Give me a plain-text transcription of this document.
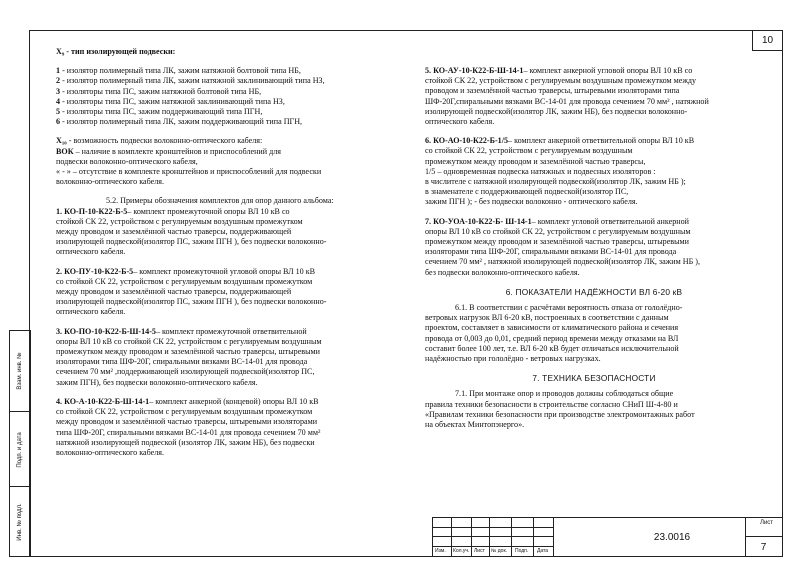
10

Х₉ - тип изолирующей подвески:

1 - изолятор полимерный типа ЛК, зажим натяжной болтовой типа НБ,

2 - изолятор полимерный типа ЛК, зажим натяжной заклинивающий типа НЗ,

3 - изоляторы типа ПС, зажим натяжной болтовой типа НБ,

4 - изоляторы типа ПС, зажим натяжной заклинивающий типа НЗ,

5 - изоляторы типа ПС, зажим поддерживающий типа ПГН,

6 - изолятор полимерный типа ЛК, зажим поддерживающий типа ПГН,

Х₁₀ - возможность подвески волоконно-оптического кабеля:

ВОК – наличие в комплекте кронштейнов и приспособлений для

подвески волоконно-оптического кабеля,

« - » – отсутствие в комплекте кронштейнов и приспособлений для подвески

волоконно-оптического кабеля.

5.2. Примеры обозначения комплектов для опор данного альбома:

1. КО-П-10-К22-Б-5– комплект промежуточной опоры ВЛ 10 кВ со

стойкой СК 22, устройством с регулируемым воздушным промежутком

между проводом и заземлённой частью траверсы, поддерживающей

изолирующей подвеской(изолятор ПС, зажим ПГН ), без подвески волоконно-

оптического кабеля.

2. КО-ПУ-10-К22-Б-5– комплект промежуточной угловой опоры ВЛ 10 кВ

со стойкой СК 22, устройством с регулируемым воздушным промежутком

между проводом и заземлённой частью траверсы, поддерживающей

изолирующей подвеской(изолятор ПС, зажим ПГН ), без подвески волоконно-

оптического кабеля.

3. КО-ПО-10-К22-Б-Ш-14-5– комплект промежуточной ответвительной

опоры ВЛ 10 кВ со стойкой СК 22, устройством с регулируемым воздушным

промежутком между проводом и заземлённой частью траверсы, штыревыми

изоляторами типа ШФ-20Г, спиральными вязками ВС-14-01 для провода

сечением 70 мм² ,поддерживающей изолирующей подвеской(изолятор ПС,

зажим ПГН), без подвески волоконно-оптического кабеля.

4. КО-А-10-К22-Б-Ш-14-1– комплект анкерной (концевой) опоры ВЛ 10 кВ

со стойкой СК 22, устройством с регулируемым воздушным промежутком

между проводом и заземлённой частью траверсы, штыревыми изоляторами

типа ШФ-20Г, спиральными вязками ВС-14-01 для провода сечением 70 мм²

натяжной изолирующей подвеской (изолятор ЛК, зажим НБ), без подвески

волоконно-оптического кабеля.

5. КО-АУ-10-К22-Б-Ш-14-1– комплект анкерной угловой опоры ВЛ 10 кВ со

стойкой СК 22, устройством с регулируемым воздушным промежутком между

проводом и заземлённой частью траверсы, штыревыми изоляторами типа

ШФ-20Г,спиральными вязками ВС-14-01 для провода сечением 70 мм² , натяжной

изолирующей подвеской(изолятор ЛК, зажим НБ), без подвески волоконно-

оптического кабеля.

6. КО-АО-10-К22-Б-1/5– комплект анкерной ответвительной опоры ВЛ 10 кВ

со стойкой СК 22, устройством с регулируемым воздушным

промежутком между проводом и заземлённой частью траверсы,

1/5 – одновременная подвеска натяжных и подвесных изоляторов :

в числителе с натяжной изолирующей подвеской(изолятор ЛК, зажим НБ );

в знаменателе с поддерживающей подвеской(изолятор ПС,

зажим ПГН ); - без подвески волоконно - оптического кабеля.

7. КО-УОА-10-К22-Б- Ш-14-1– комплект угловой ответвительной анкерной

опоры ВЛ 10 кВ со стойкой СК 22, устройством с регулируемым воздушным

промежутком между проводом и заземлённой частью траверсы, штыревыми

изоляторами типа ШФ-20Г, спиральными вязками ВС-14-01 для провода

сечением 70 мм² , натяжной изолирующей подвеской(изолятор ЛК, зажим НБ ),

без подвески волоконно-оптического кабеля.

6. ПОКАЗАТЕЛИ НАДЁЖНОСТИ ВЛ 6-20 кВ

6.1. В соответствии с расчётами вероятность отказа от гололёдно-

ветровых нагрузок ВЛ 6-20 кВ, построенных в соответствии с данным

проектом, составляет в зависимости от климатического района и сечения

провода от 0,003 до 0,01, средний период времени между отказами на ВЛ

составит более 100 лет, т.е. ВЛ 6-20 кВ будет отличаться исключительной

надёжностью при гололёдно - ветровых нагрузках.

7. ТЕХНИКА БЕЗОПАСНОСТИ

7.1. При монтаже опор и проводов должны соблюдаться общие

правила техники безопасности в строительстве согласно СНиП Ш-4-80 и

«Правилам техники безопасности при производстве электромонтажных работ

на объектах Минтопэнерго».

Взам. инв. №
Подп. и дата
Инв. № подл.
Изм. Кол.уч. Лист № док. Подп. Дата
23.0016
Лист
7
